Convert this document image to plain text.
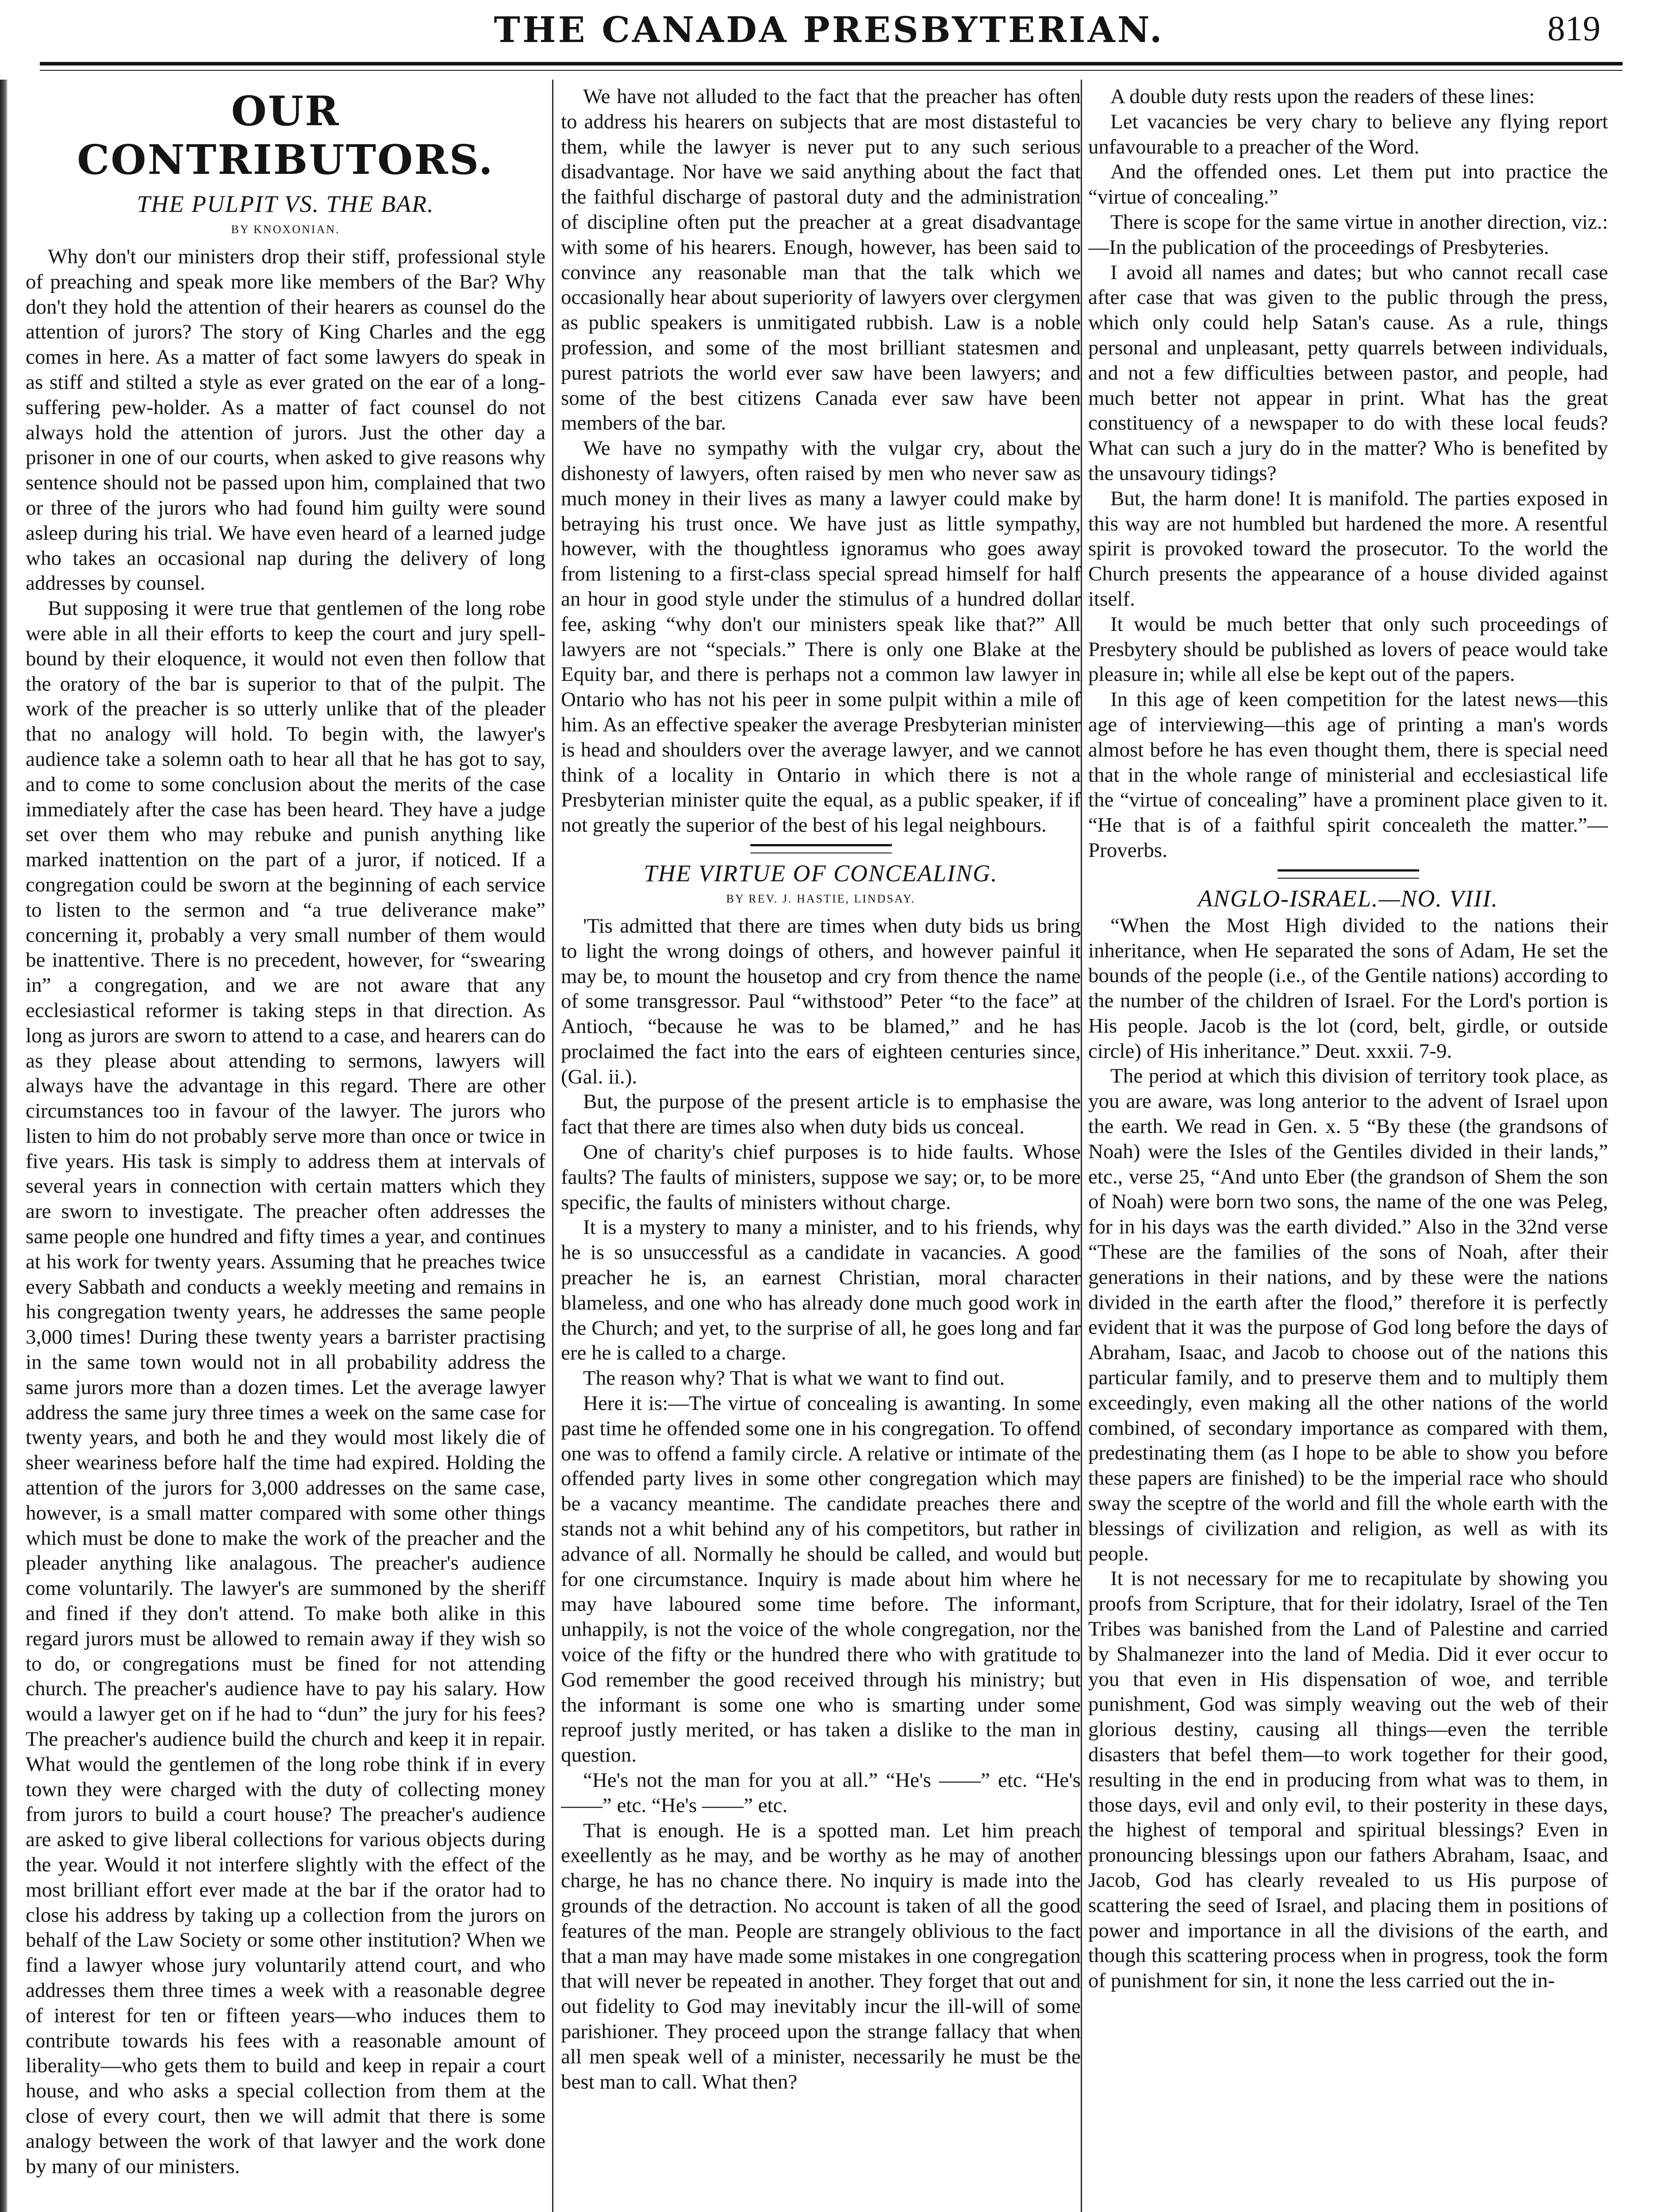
THE CANADA PRESBYTERIAN.	819
OUR CONTRIBUTORS.
THE PULPIT VS. THE BAR.
BY KNOXONIAN.

Why don't our ministers drop their stiff, professional style of preaching and speak more like members of the Bar? Why don't they hold the attention of their hearers as counsel do the attention of jurors? The story of King Charles and the egg comes in here. As a matter of fact some lawyers do speak in as stiff and stilted a style as ever grated on the ear of a long-suffering pew-holder. As a matter of fact counsel do not always hold the attention of jurors. Just the other day a prisoner in one of our courts, when asked to give reasons why sentence should not be passed upon him, complained that two or three of the jurors who had found him guilty were sound asleep during his trial. We have even heard of a learned judge who takes an occasional nap during the delivery of long addresses by counsel.

But supposing it were true that gentlemen of the long robe were able in all their efforts to keep the court and jury spell-bound by their eloquence, it would not even then follow that the oratory of the bar is superior to that of the pulpit. The work of the preacher is so utterly unlike that of the pleader that no analogy will hold. To begin with, the lawyer's audience take a solemn oath to hear all that he has got to say, and to come to some conclusion about the merits of the case immediately after the case has been heard. They have a judge set over them who may rebuke and punish anything like marked inattention on the part of a juror, if noticed. If a congregation could be sworn at the beginning of each service to listen to the sermon and “a true deliverance make” concerning it, probably a very small number of them would be inattentive. There is no precedent, however, for “swearing in” a congregation, and we are not aware that any ecclesiastical reformer is taking steps in that direction. As long as jurors are sworn to attend to a case, and hearers can do as they please about attending to sermons, lawyers will always have the advantage in this regard. There are other circumstances too in favour of the lawyer. The jurors who listen to him do not probably serve more than once or twice in five years. His task is simply to address them at intervals of several years in connection with certain matters which they are sworn to investigate. The preacher often addresses the same people one hundred and fifty times a year, and continues at his work for twenty years. Assuming that he preaches twice every Sabbath and conducts a weekly meeting and remains in his congregation twenty years, he addresses the same people 3,000 times! During these twenty years a barrister practising in the same town would not in all probability address the same jurors more than a dozen times. Let the average lawyer address the same jury three times a week on the same case for twenty years, and both he and they would most likely die of sheer weariness before half the time had expired. Holding the attention of the jurors for 3,000 addresses on the same case, however, is a small matter compared with some other things which must be done to make the work of the preacher and the pleader anything like analagous. The preacher's audience come voluntarily. The lawyer's are summoned by the sheriff and fined if they don't attend. To make both alike in this regard jurors must be allowed to remain away if they wish so to do, or congregations must be fined for not attending church. The preacher's audience have to pay his salary. How would a lawyer get on if he had to “dun” the jury for his fees? The preacher's audience build the church and keep it in repair. What would the gentlemen of the long robe think if in every town they were charged with the duty of collecting money from jurors to build a court house? The preacher's audience are asked to give liberal collections for various objects during the year. Would it not interfere slightly with the effect of the most brilliant effort ever made at the bar if the orator had to close his address by taking up a collection from the jurors on behalf of the Law Society or some other institution? When we find a lawyer whose jury voluntarily attend court, and who addresses them three times a week with a reasonable degree of interest for ten or fifteen years—who induces them to contribute towards his fees with a reasonable amount of liberality—who gets them to build and keep in repair a court house, and who asks a special collection from them at the close of every court, then we will admit that there is some analogy between the work of that lawyer and the work done by many of our ministers.

We have not alluded to the fact that the preacher has often to address his hearers on subjects that are most distasteful to them, while the lawyer is never put to any such serious disadvantage. Nor have we said anything about the fact that the faithful discharge of pastoral duty and the administration of discipline often put the preacher at a great disadvantage with some of his hearers. Enough, however, has been said to convince any reasonable man that the talk which we occasionally hear about superiority of lawyers over clergymen as public speakers is unmitigated rubbish. Law is a noble profession, and some of the most brilliant statesmen and purest patriots the world ever saw have been lawyers; and some of the best citizens Canada ever saw have been members of the bar.

We have no sympathy with the vulgar cry, about the dishonesty of lawyers, often raised by men who never saw as much money in their lives as many a lawyer could make by betraying his trust once. We have just as little sympathy, however, with the thoughtless ignoramus who goes away from listening to a first-class special spread himself for half an hour in good style under the stimulus of a hundred dollar fee, asking “why don't our ministers speak like that?” All lawyers are not “specials.” There is only one Blake at the Equity bar, and there is perhaps not a common law lawyer in Ontario who has not his peer in some pulpit within a mile of him. As an effective speaker the average Presbyterian minister is head and shoulders over the average lawyer, and we cannot think of a locality in Ontario in which there is not a Presbyterian minister quite the equal, as a public speaker, if if not greatly the superior of the best of his legal neighbours.

THE VIRTUE OF CONCEALING.
BY REV. J. HASTIE, LINDSAY.

'Tis admitted that there are times when duty bids us bring to light the wrong doings of others, and however painful it may be, to mount the housetop and cry from thence the name of some transgressor. Paul “withstood” Peter “to the face” at Antioch, “because he was to be blamed,” and he has proclaimed the fact into the ears of eighteen centuries since, (Gal. ii.).

But, the purpose of the present article is to emphasise the fact that there are times also when duty bids us conceal.

One of charity's chief purposes is to hide faults. Whose faults? The faults of ministers, suppose we say; or, to be more specific, the faults of ministers without charge.

It is a mystery to many a minister, and to his friends, why he is so unsuccessful as a candidate in vacancies. A good preacher he is, an earnest Christian, moral character blameless, and one who has already done much good work in the Church; and yet, to the surprise of all, he goes long and far ere he is called to a charge.

The reason why? That is what we want to find out.

Here it is:—The virtue of concealing is awanting. In some past time he offended some one in his congregation. To offend one was to offend a family circle. A relative or intimate of the offended party lives in some other congregation which may be a vacancy meantime. The candidate preaches there and stands not a whit behind any of his competitors, but rather in advance of all. Normally he should be called, and would but for one circumstance. Inquiry is made about him where he may have laboured some time before. The informant, unhappily, is not the voice of the whole congregation, nor the voice of the fifty or the hundred there who with gratitude to God remember the good received through his ministry; but the informant is some one who is smarting under some reproof justly merited, or has taken a dislike to the man in question.

“He's not the man for you at all.” “He's ——” etc. “He's ——” etc. “He's ——” etc.

That is enough. He is a spotted man. Let him preach exeellently as he may, and be worthy as he may of another charge, he has no chance there. No inquiry is made into the grounds of the detraction. No account is taken of all the good features of the man. People are strangely oblivious to the fact that a man may have made some mistakes in one congregation that will never be repeated in another. They forget that out and out fidelity to God may inevitably incur the ill-will of some parishioner. They proceed upon the strange fallacy that when all men speak well of a minister, necessarily he must be the best man to call. What then?

A double duty rests upon the readers of these lines:

Let vacancies be very chary to believe any flying report unfavourable to a preacher of the Word.

And the offended ones. Let them put into practice the “virtue of concealing.”

There is scope for the same virtue in another direction, viz.:—In the publication of the proceedings of Presbyteries.

I avoid all names and dates; but who cannot recall case after case that was given to the public through the press, which only could help Satan's cause. As a rule, things personal and unpleasant, petty quarrels between individuals, and not a few difficulties between pastor, and people, had much better not appear in print. What has the great constituency of a newspaper to do with these local feuds? What can such a jury do in the matter? Who is benefited by the unsavoury tidings?

But, the harm done! It is manifold. The parties exposed in this way are not humbled but hardened the more. A resentful spirit is provoked toward the prosecutor. To the world the Church presents the appearance of a house divided against itself.

It would be much better that only such proceedings of Presbytery should be published as lovers of peace would take pleasure in; while all else be kept out of the papers.

In this age of keen competition for the latest news—this age of interviewing—this age of printing a man's words almost before he has even thought them, there is special need that in the whole range of ministerial and ecclesiastical life the “virtue of concealing” have a prominent place given to it. “He that is of a faithful spirit concealeth the matter.”—Proverbs.

ANGLO-ISRAEL.—NO. VIII.

“When the Most High divided to the nations their inheritance, when He separated the sons of Adam, He set the bounds of the people (i.e., of the Gentile nations) according to the number of the children of Israel. For the Lord's portion is His people. Jacob is the lot (cord, belt, girdle, or outside circle) of His inheritance.” Deut. xxxii. 7-9.

The period at which this division of territory took place, as you are aware, was long anterior to the advent of Israel upon the earth. We read in Gen. x. 5 “By these (the grandsons of Noah) were the Isles of the Gentiles divided in their lands,” etc., verse 25, “And unto Eber (the grandson of Shem the son of Noah) were born two sons, the name of the one was Peleg, for in his days was the earth divided.” Also in the 32nd verse “These are the families of the sons of Noah, after their generations in their nations, and by these were the nations divided in the earth after the flood,” therefore it is perfectly evident that it was the purpose of God long before the days of Abraham, Isaac, and Jacob to choose out of the nations this particular family, and to preserve them and to multiply them exceedingly, even making all the other nations of the world combined, of secondary importance as compared with them, predestinating them (as I hope to be able to show you before these papers are finished) to be the imperial race who should sway the sceptre of the world and fill the whole earth with the blessings of civilization and religion, as well as with its people.

It is not necessary for me to recapitulate by showing you proofs from Scripture, that for their idolatry, Israel of the Ten Tribes was banished from the Land of Palestine and carried by Shalmanezer into the land of Media. Did it ever occur to you that even in His dispensation of woe, and terrible punishment, God was simply weaving out the web of their glorious destiny, causing all things—even the terrible disasters that befel them—to work together for their good, resulting in the end in producing from what was to them, in those days, evil and only evil, to their posterity in these days, the highest of temporal and spiritual blessings? Even in pronouncing blessings upon our fathers Abraham, Isaac, and Jacob, God has clearly revealed to us His purpose of scattering the seed of Israel, and placing them in positions of power and importance in all the divisions of the earth, and though this scattering process when in progress, took the form of punishment for sin, it none the less carried out the in-
